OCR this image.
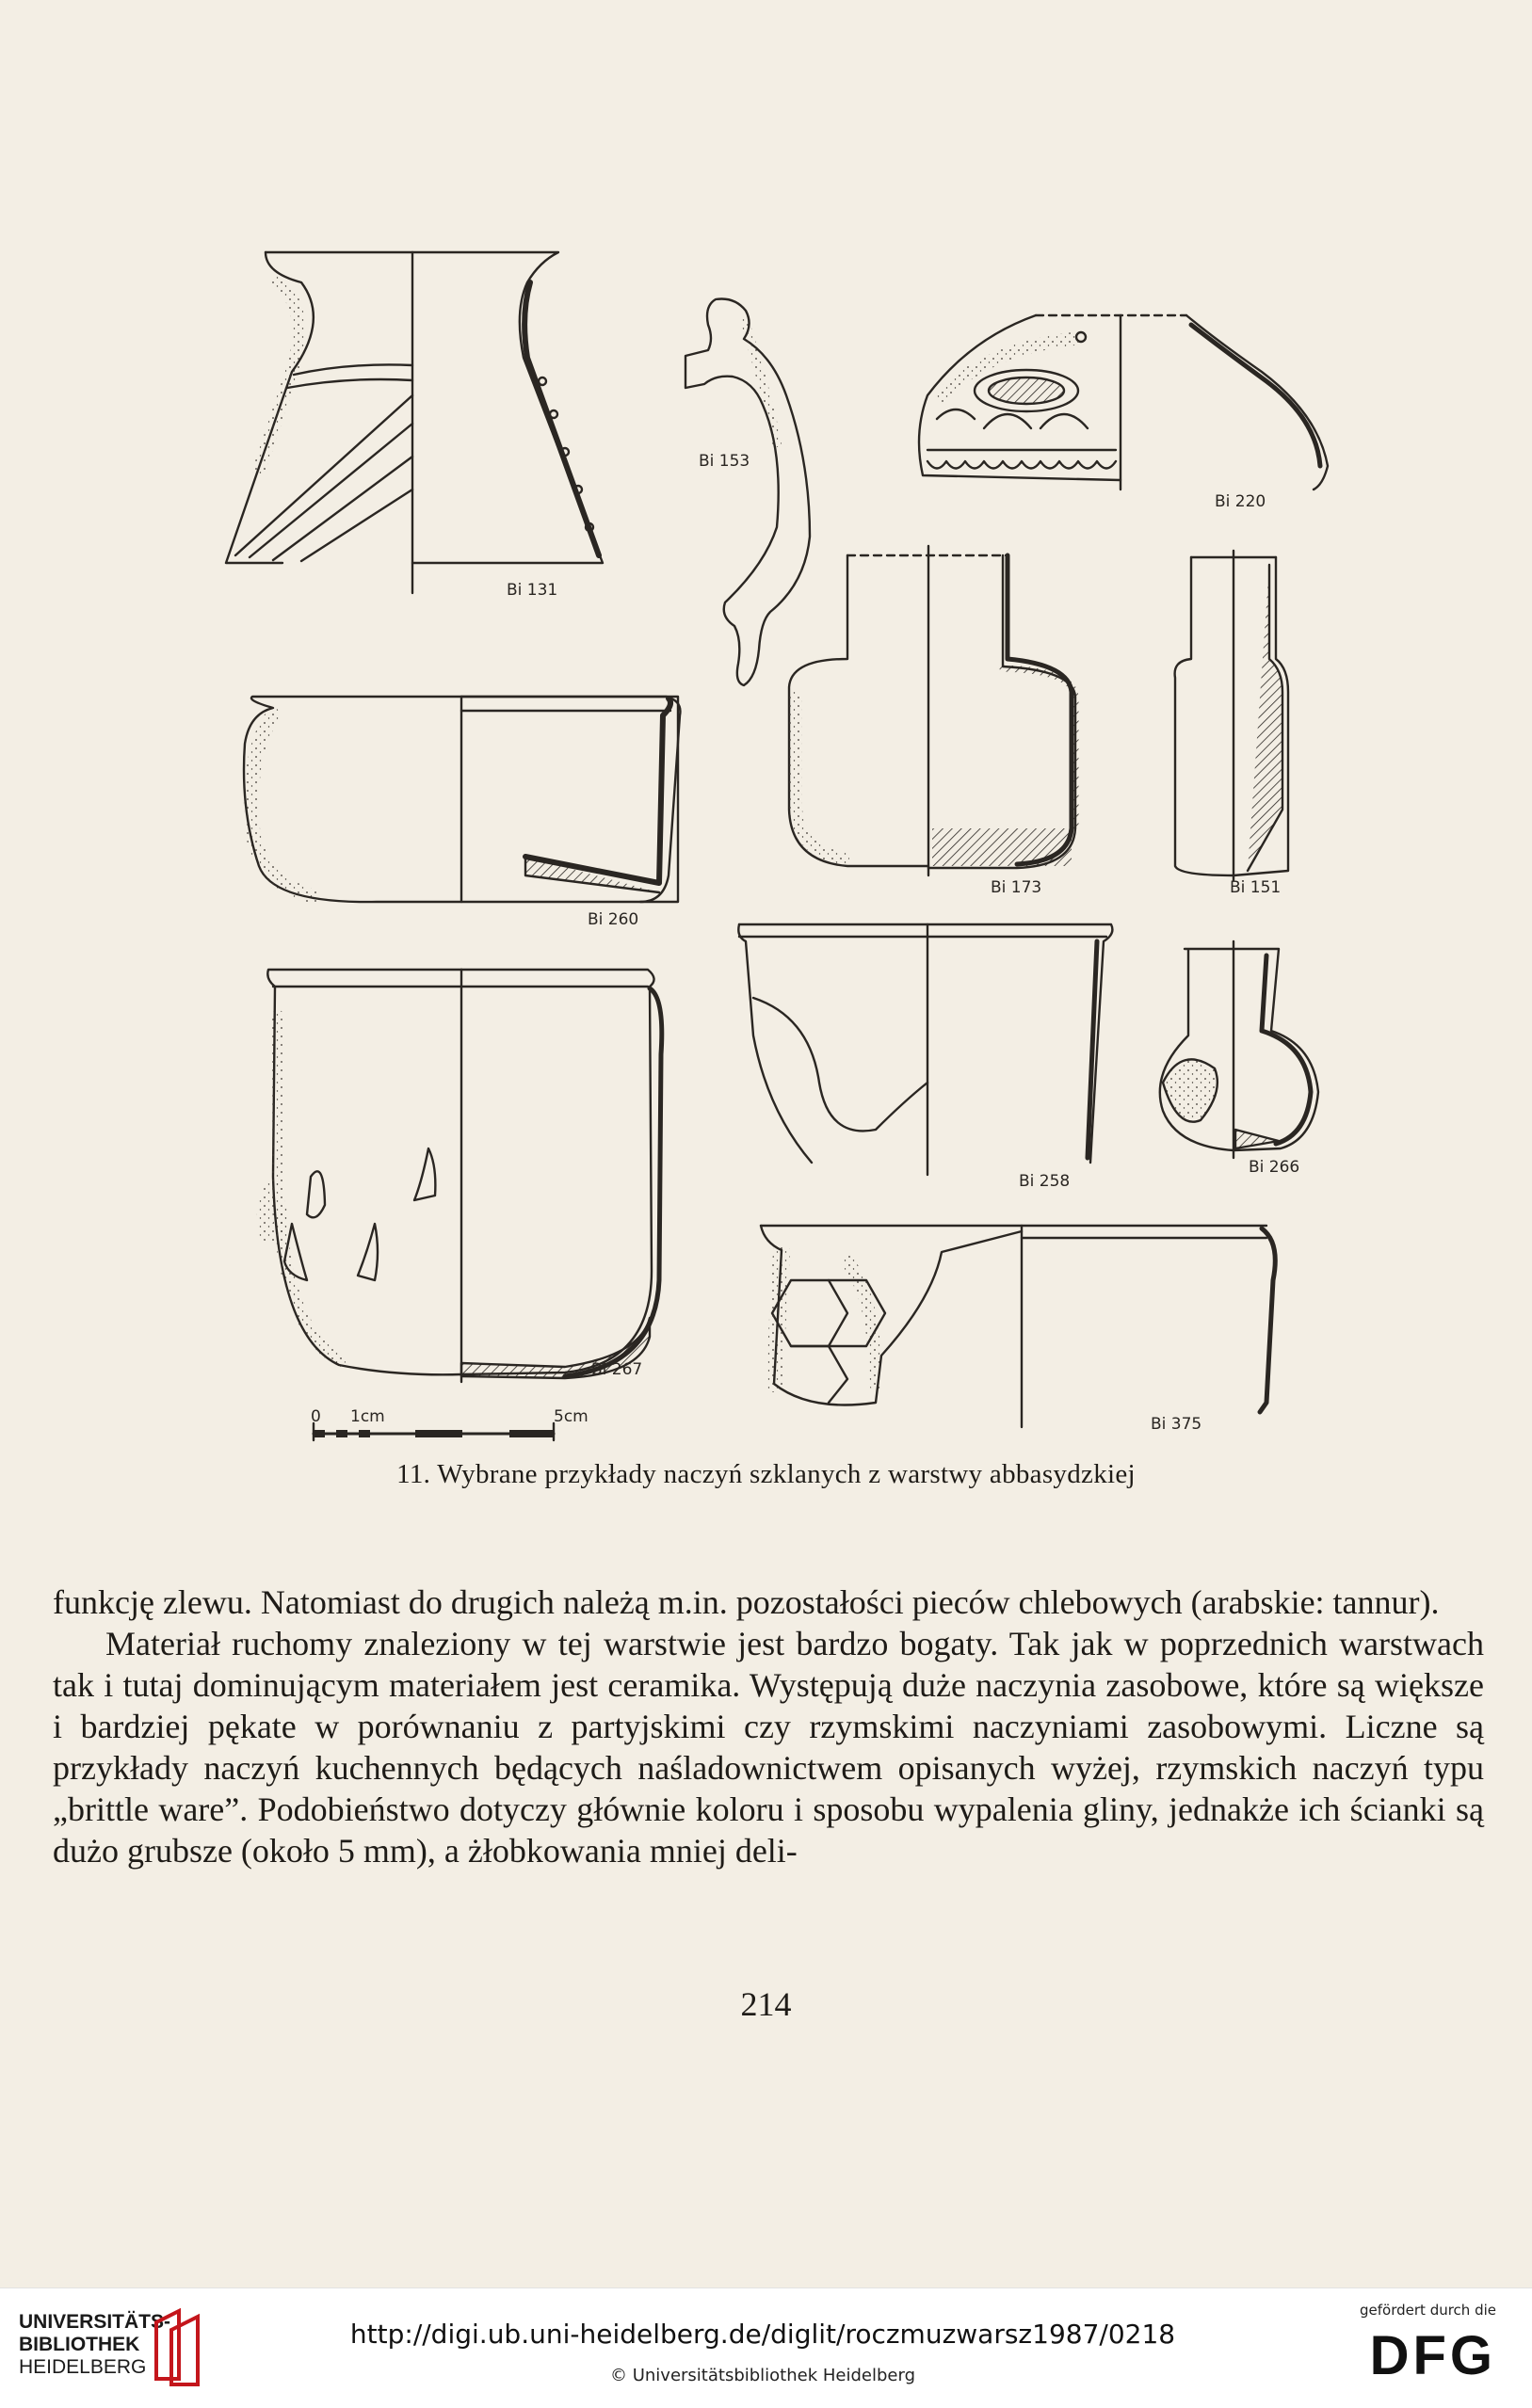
0 1cm	5cm
Bi 131
Bi 153
Bi 220
Bi 173	Bi 151
Bi 260
Bi 258
Bi 266
Bi 267
Bi 375
11. Wybrane przykłady naczyń szklanych z warstwy abbasydzkiej

funkcję zlewu. Natomiast do drugich należą m.in. pozostałości pieców chlebowych (arabskie: tannur).

Materiał ruchomy znaleziony w tej warstwie jest bardzo bogaty. Tak jak w poprzednich warstwach tak i tutaj dominującym materiałem jest ceramika. Występują duże naczynia zasobowe, które są większe i bardziej pękate w porównaniu z partyjskimi czy rzymskimi naczyniami zasobowymi. Liczne są przykłady naczyń kuchennych będących naśladownictwem opisanych wyżej, rzymskich naczyń typu „brittle ware”. Podobieństwo dotyczy głównie koloru i sposobu wypalenia gliny, jednakże ich ścianki są dużo grubsze (około 5 mm), a żłobkowania mniej deli-

214
UNIVERSITÄTS-
BIBLIOTHEK
HEIDELBERG
http://digi.ub.uni-heidelberg.de/diglit/roczmuzwarsz1987/0218
© Universitätsbibliothek Heidelberg
gefördert durch die
DFG
